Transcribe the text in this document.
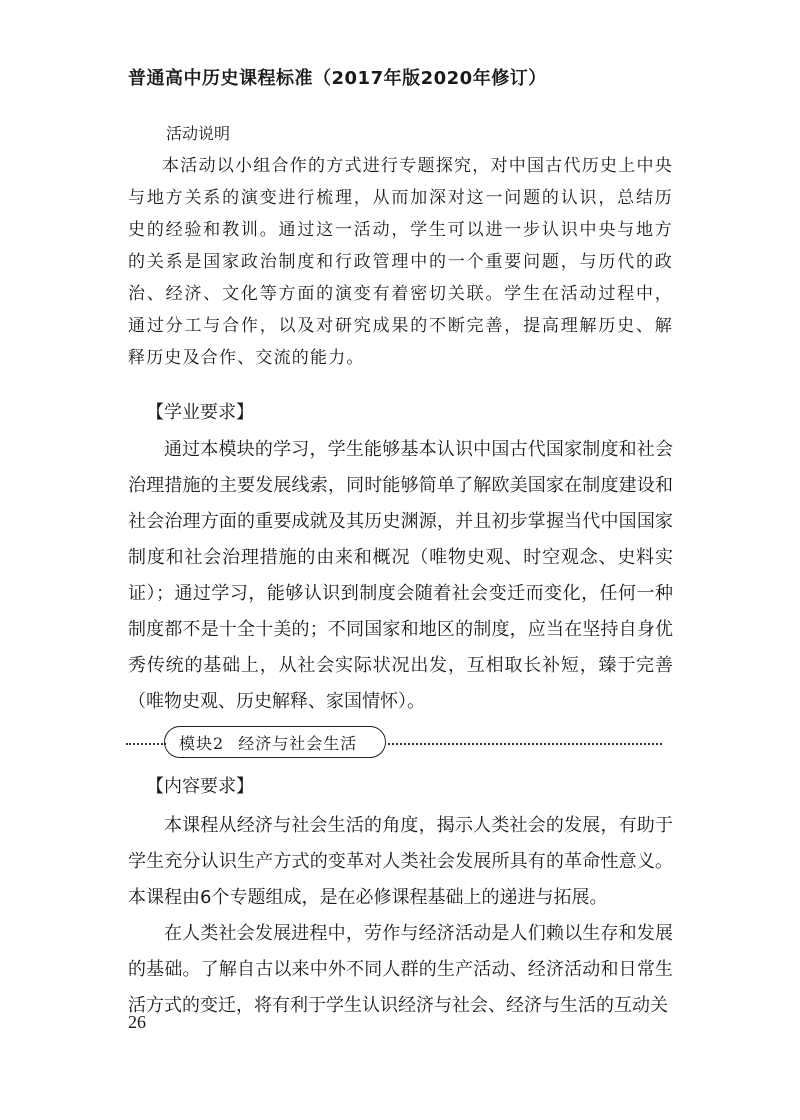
普通高中历史课程标准（2017年版2020年修订）
活动说明

本活动以小组合作的方式进行专题探究，对中国古代历史上中央与地方关系的演变进行梳理，从而加深对这一问题的认识，总结历史的经验和教训。通过这一活动，学生可以进一步认识中央与地方的关系是国家政治制度和行政管理中的一个重要问题，与历代的政治、经济、文化等方面的演变有着密切关联。学生在活动过程中，通过分工与合作，以及对研究成果的不断完善，提高理解历史、解释历史及合作、交流的能力。

【学业要求】

通过本模块的学习，学生能够基本认识中国古代国家制度和社会治理措施的主要发展线索，同时能够简单了解欧美国家在制度建设和社会治理方面的重要成就及其历史渊源，并且初步掌握当代中国国家制度和社会治理措施的由来和概况（唯物史观、时空观念、史料实证）；通过学习，能够认识到制度会随着社会变迁而变化，任何一种制度都不是十全十美的；不同国家和地区的制度，应当在坚持自身优秀传统的基础上，从社会实际状况出发，互相取长补短，臻于完善（唯物史观、历史解释、家国情怀）。

模块2 经济与社会生活
【内容要求】

本课程从经济与社会生活的角度，揭示人类社会的发展，有助于学生充分认识生产方式的变革对人类社会发展所具有的革命性意义。本课程由6个专题组成，是在必修课程基础上的递进与拓展。

在人类社会发展进程中，劳作与经济活动是人们赖以生存和发展的基础。了解自古以来中外不同人群的生产活动、经济活动和日常生活方式的变迁，将有利于学生认识经济与社会、经济与生活的互动关

26
